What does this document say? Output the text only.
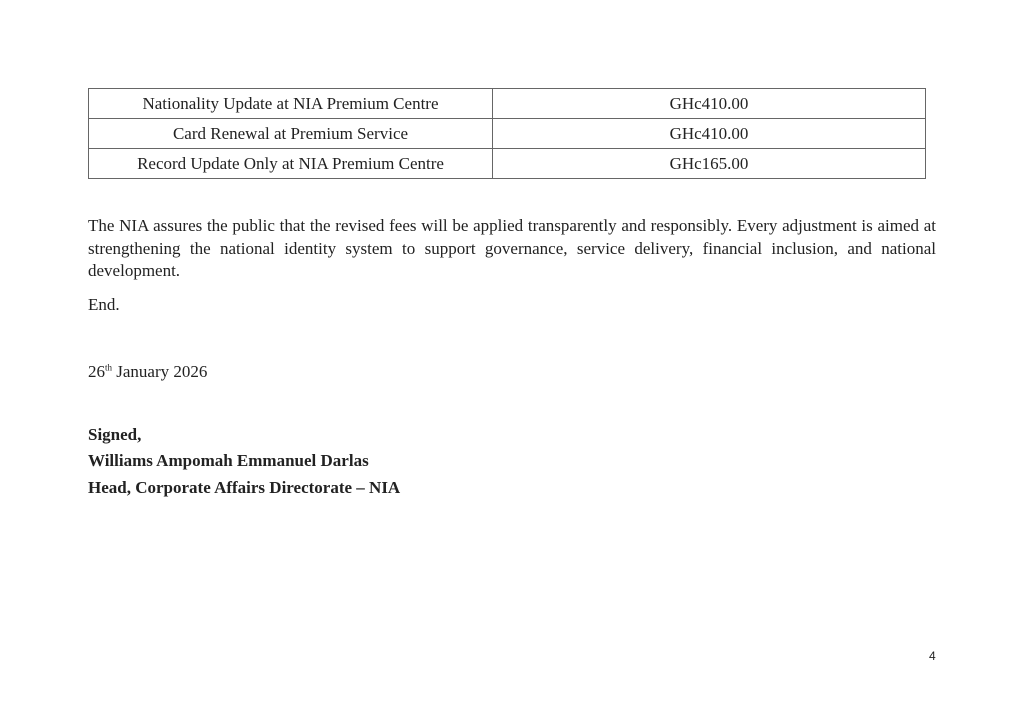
Nationality Update at NIA Premium Centre	GHc410.00
Card Renewal at Premium Service	GHc410.00
Record Update Only at NIA Premium Centre	GHc165.00

The NIA assures the public that the revised fees will be applied transparently and responsibly. Every adjustment is aimed at strengthening the national identity system to support governance, service delivery, financial inclusion, and national development.

End.

26th January 2026

Signed,

Williams Ampomah Emmanuel Darlas

Head, Corporate Affairs Directorate – NIA

4
